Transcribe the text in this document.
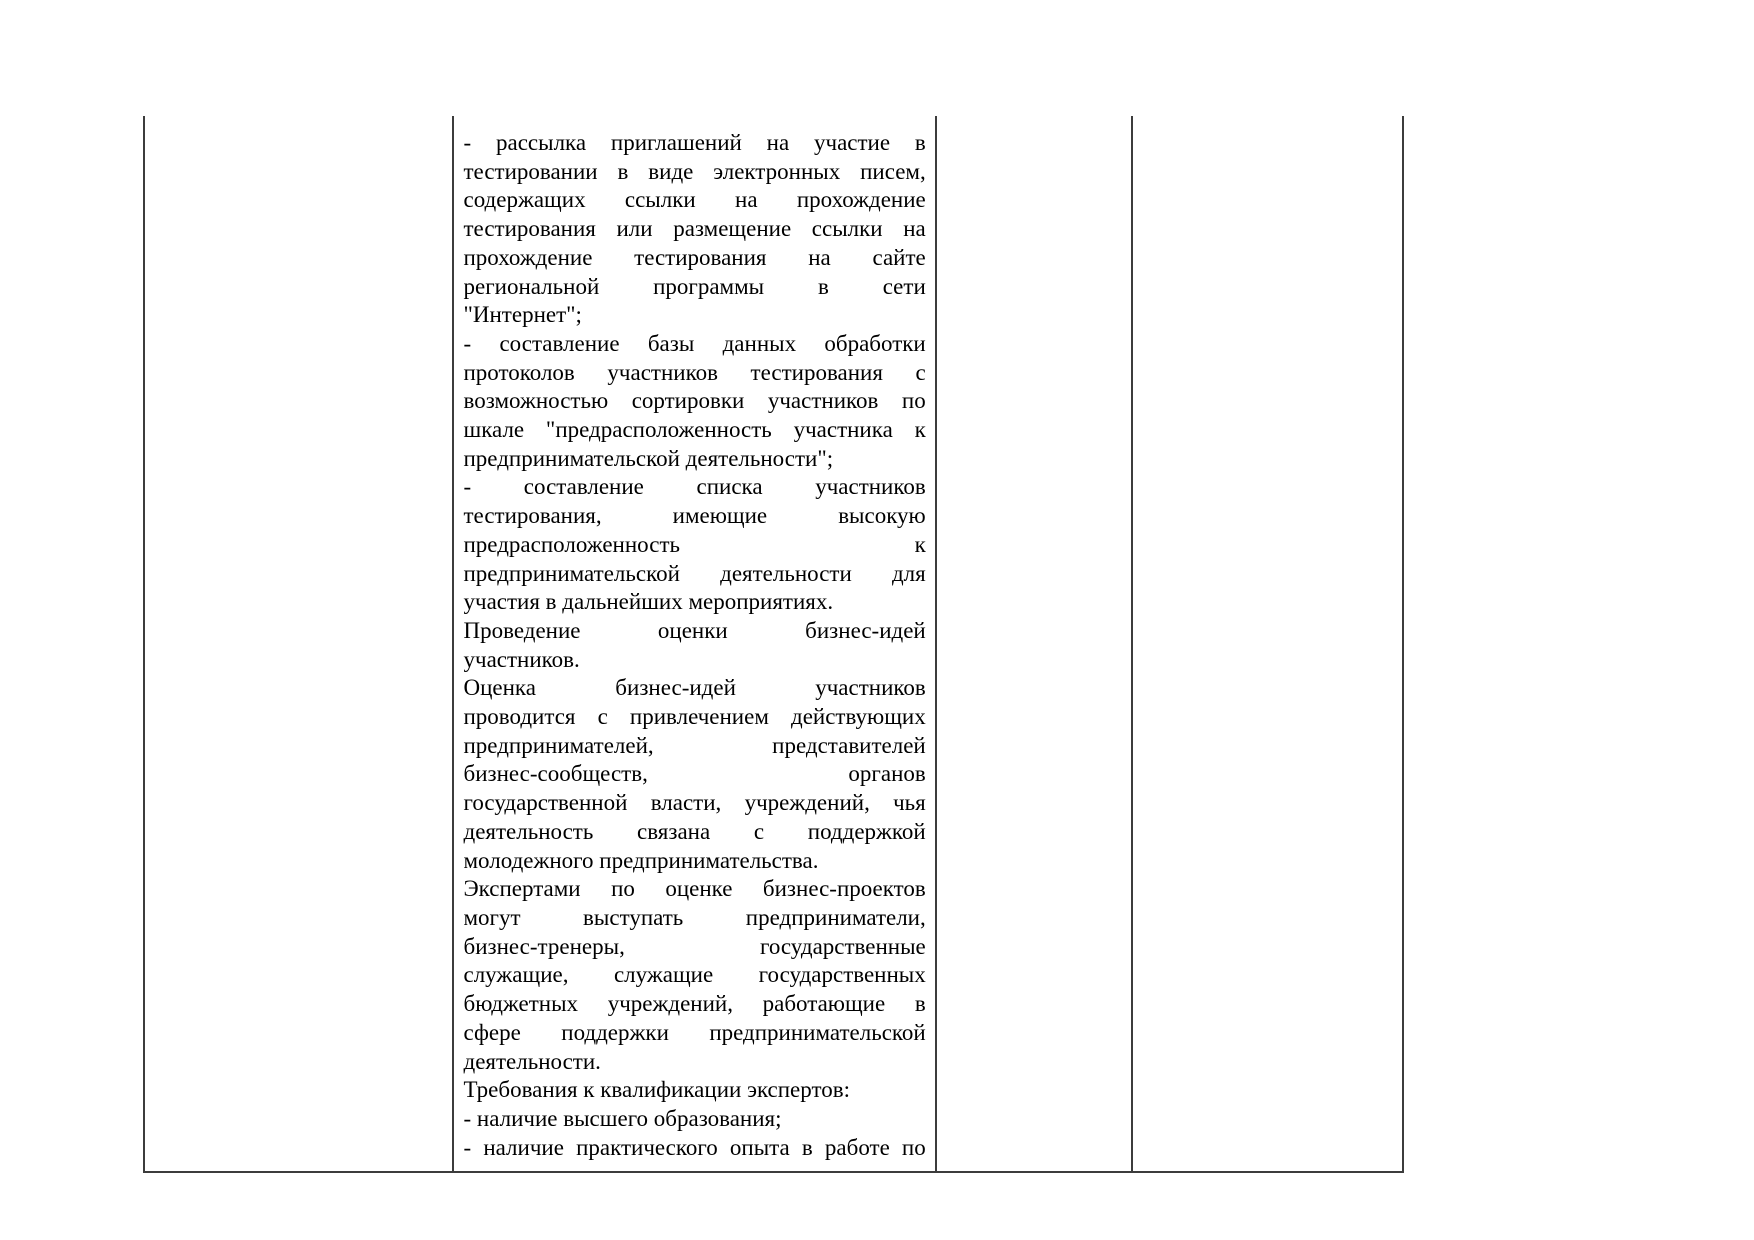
- рассылка приглашений на участие в
тестировании в виде электронных писем,
содержащих ссылки на прохождение
тестирования или размещение ссылки на
прохождение тестирования на сайте
региональной программы в сети
"Интернет";
- составление базы данных обработки
протоколов участников тестирования с
возможностью сортировки участников по
шкале "предрасположенность участника к
предпринимательской деятельности";
- составление списка участников
тестирования, имеющие высокую
предрасположенность к
предпринимательской деятельности для
участия в дальнейших мероприятиях.
Проведение оценки бизнес-идей
участников.
Оценка бизнес-идей участников
проводится с привлечением действующих
предпринимателей, представителей
бизнес-сообществ, органов
государственной власти, учреждений, чья
деятельность связана с поддержкой
молодежного предпринимательства.
Экспертами по оценке бизнес-проектов
могут выступать предприниматели,
бизнес-тренеры, государственные
служащие, служащие государственных
бюджетных учреждений, работающие в
сфере поддержки предпринимательской
деятельности.
Требования к квалификации экспертов:
- наличие высшего образования;
- наличие практического опыта в работе по
